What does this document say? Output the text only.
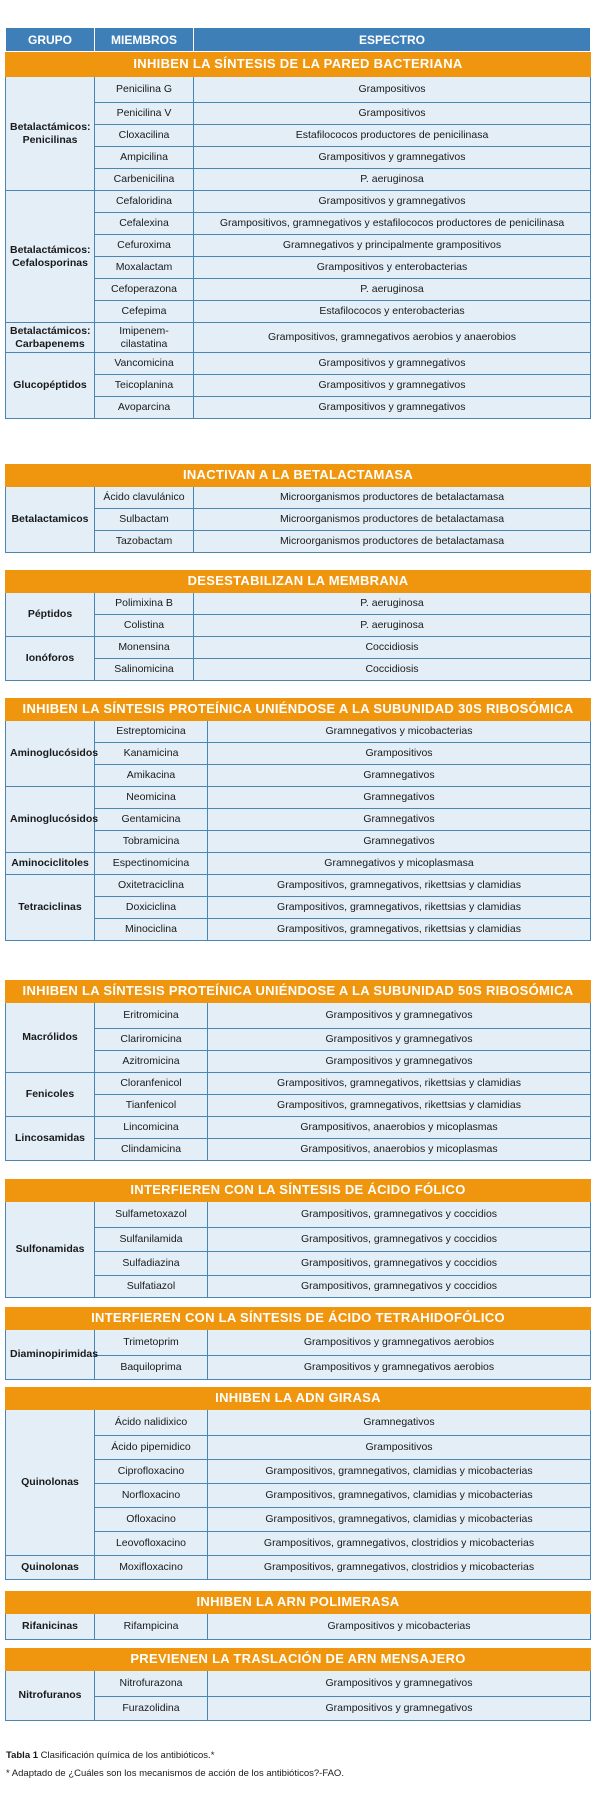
GRUPO	MIEMBROS	ESPECTRO
INHIBEN LA SÍNTESIS DE LA PARED BACTERIANA		
Betalactámicos: Penicilinas	Penicilina G	Grampositivos
	Penicilina V	Grampositivos
	Cloxacilina	Estafilococos productores de penicilinasa
	Ampicilina	Grampositivos y gramnegativos
	Carbenicilina	P. aeruginosa
Betalactámicos: Cefalosporinas	Cefaloridina	Grampositivos y gramnegativos
	Cefalexina	Grampositivos, gramnegativos y estafilococos productores de penicilinasa
	Cefuroxima	Gramnegativos y principalmente grampositivos
	Moxalactam	Grampositivos y enterobacterias
	Cefoperazona	P. aeruginosa
	Cefepima	Estafilococos y enterobacterias
Betalactámicos: Carbapenems	Imipenem-cilastatina	Grampositivos, gramnegativos aerobios y anaerobios
Glucopéptidos	Vancomicina	Grampositivos y gramnegativos
	Teicoplanina	Grampositivos y gramnegativos
	Avoparcina	Grampositivos y gramnegativos
INACTIVAN A LA BETALACTAMASA		
Betalactamicos	Ácido clavulánico	Microorganismos productores de betalactamasa
	Sulbactam	Microorganismos productores de betalactamasa
	Tazobactam	Microorganismos productores de betalactamasa
DESESTABILIZAN LA MEMBRANA		
Péptidos	Polimixina B	P. aeruginosa
	Colistina	P. aeruginosa
Ionóforos	Monensina	Coccidiosis
	Salinomicina	Coccidiosis
INHIBEN LA SÍNTESIS PROTEÍNICA UNIÉNDOSE A LA SUBUNIDAD 30S RIBOSÓMICA		
Aminoglucósidos	Estreptomicina	Gramnegativos y micobacterias
	Kanamicina	Grampositivos
	Amikacina	Gramnegativos
Aminoglucósidos	Neomicina	Gramnegativos
	Gentamicina	Gramnegativos
	Tobramicina	Gramnegativos
Aminociclitoles	Espectinomicina	Gramnegativos y micoplasmasa
Tetraciclinas	Oxitetraciclina	Grampositivos, gramnegativos, rikettsias y clamidias
	Doxiciclina	Grampositivos, gramnegativos, rikettsias y clamidias
	Minociclina	Grampositivos, gramnegativos, rikettsias y clamidias
INHIBEN LA SÍNTESIS PROTEÍNICA UNIÉNDOSE A LA SUBUNIDAD 50S RIBOSÓMICA		
Macrólidos	Eritromicina	Grampositivos y gramnegativos
	Clariromicina	Grampositivos y gramnegativos
	Azitromicina	Grampositivos y gramnegativos
Fenicoles	Cloranfenicol	Grampositivos, gramnegativos, rikettsias y clamidias
	Tianfenicol	Grampositivos, gramnegativos, rikettsias y clamidias
Lincosamidas	Lincomicina	Grampositivos, anaerobios y micoplasmas
	Clindamicina	Grampositivos, anaerobios y micoplasmas
INTERFIEREN CON LA SÍNTESIS DE ÁCIDO FÓLICO		
Sulfonamidas	Sulfametoxazol	Grampositivos, gramnegativos y coccidios
	Sulfanilamida	Grampositivos, gramnegativos y coccidios
	Sulfadiazina	Grampositivos, gramnegativos y coccidios
	Sulfatiazol	Grampositivos, gramnegativos y coccidios
INTERFIEREN CON LA SÍNTESIS DE ÁCIDO TETRAHIDOFÓLICO		
Diaminopirimidas	Trimetoprim	Grampositivos y gramnegativos aerobios
	Baquiloprima	Grampositivos y gramnegativos aerobios
INHIBEN LA ADN GIRASA		
Quinolonas	Ácido nalidixico	Gramnegativos
	Ácido pipemidico	Grampositivos
	Ciprofloxacino	Grampositivos, gramnegativos, clamidias y micobacterias
	Norfloxacino	Grampositivos, gramnegativos, clamidias y micobacterias
	Ofloxacino	Grampositivos, gramnegativos, clamidias y micobacterias
	Leovofloxacino	Grampositivos, gramnegativos, clostridios y micobacterias
Quinolonas	Moxifloxacino	Grampositivos, gramnegativos, clostridios y micobacterias
INHIBEN LA ARN POLIMERASA
Rifanicinas	Rifampicina	Grampositivos y micobacterias
PREVIENEN LA TRASLACIÓN DE ARN MENSAJERO		
Nitrofuranos	Nitrofurazona	Grampositivos y gramnegativos
	Furazolidina	Grampositivos y gramnegativos
Tabla 1 Clasificación química de los antibióticos.*
* Adaptado de ¿Cuáles son los mecanismos de acción de los antibióticos?-FAO.
